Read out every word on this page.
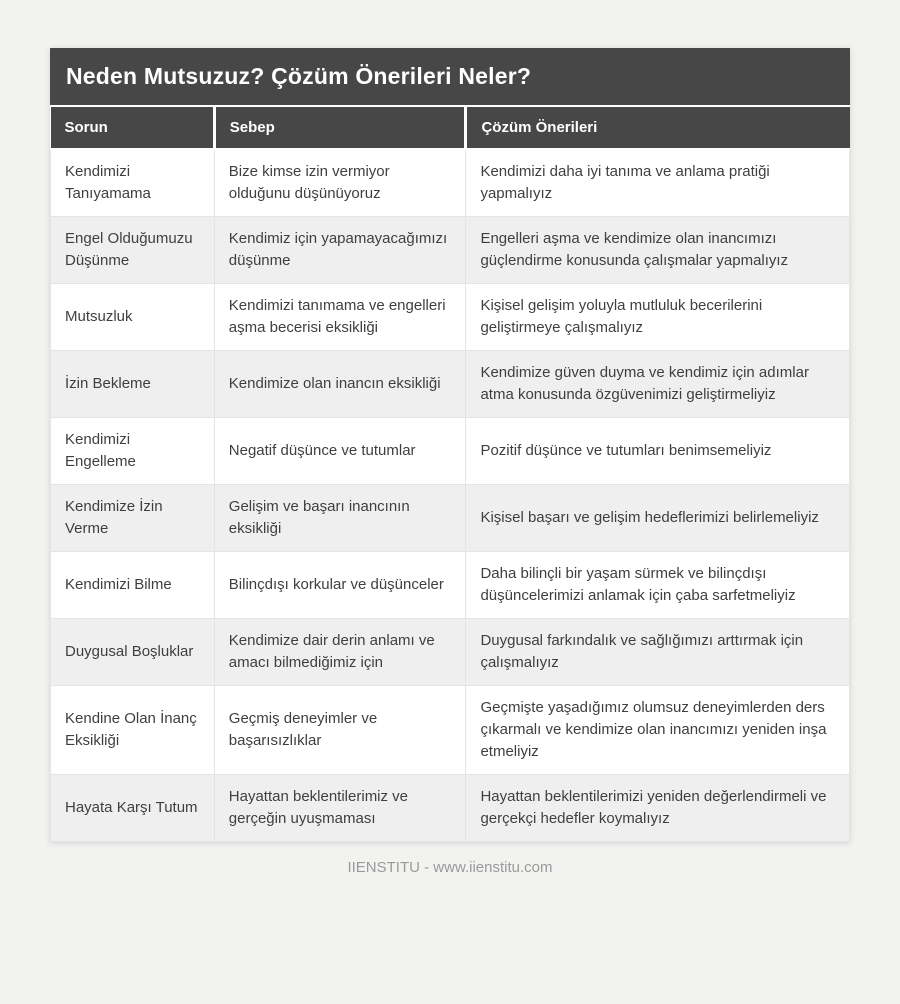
Neden Mutsuzuz? Çözüm Önerileri Neler?
Sorun	Sebep	Çözüm Önerileri
Kendimizi Tanıyamama	Bize kimse izin vermiyor olduğunu düşünüyoruz	Kendimizi daha iyi tanıma ve anlama pratiği yapmalıyız
Engel Olduğumuzu Düşünme	Kendimiz için yapamayacağımızı düşünme	Engelleri aşma ve kendimize olan inancımızı güçlendirme konusunda çalışmalar yapmalıyız
Mutsuzluk	Kendimizi tanımama ve engelleri aşma becerisi eksikliği	Kişisel gelişim yoluyla mutluluk becerilerini geliştirmeye çalışmalıyız
İzin Bekleme	Kendimize olan inancın eksikliği	Kendimize güven duyma ve kendimiz için adımlar atma konusunda özgüvenimizi geliştirmeliyiz
Kendimizi Engelleme	Negatif düşünce ve tutumlar	Pozitif düşünce ve tutumları benimsemeliyiz
Kendimize İzin Verme	Gelişim ve başarı inancının eksikliği	Kişisel başarı ve gelişim hedeflerimizi belirlemeliyiz
Kendimizi Bilme	Bilinçdışı korkular ve düşünceler	Daha bilinçli bir yaşam sürmek ve bilinçdışı düşüncelerimizi anlamak için çaba sarfetmeliyiz
Duygusal Boşluklar	Kendimize dair derin anlamı ve amacı bilmediğimiz için	Duygusal farkındalık ve sağlığımızı arttırmak için çalışmalıyız
Kendine Olan İnanç Eksikliği	Geçmiş deneyimler ve başarısızlıklar	Geçmişte yaşadığımız olumsuz deneyimlerden ders çıkarmalı ve kendimize olan inancımızı yeniden inşa etmeliyiz
Hayata Karşı Tutum	Hayattan beklentilerimiz ve gerçeğin uyuşmaması	Hayattan beklentilerimizi yeniden değerlendirmeli ve gerçekçi hedefler koymalıyız
IIENSTITU - www.iienstitu.com
